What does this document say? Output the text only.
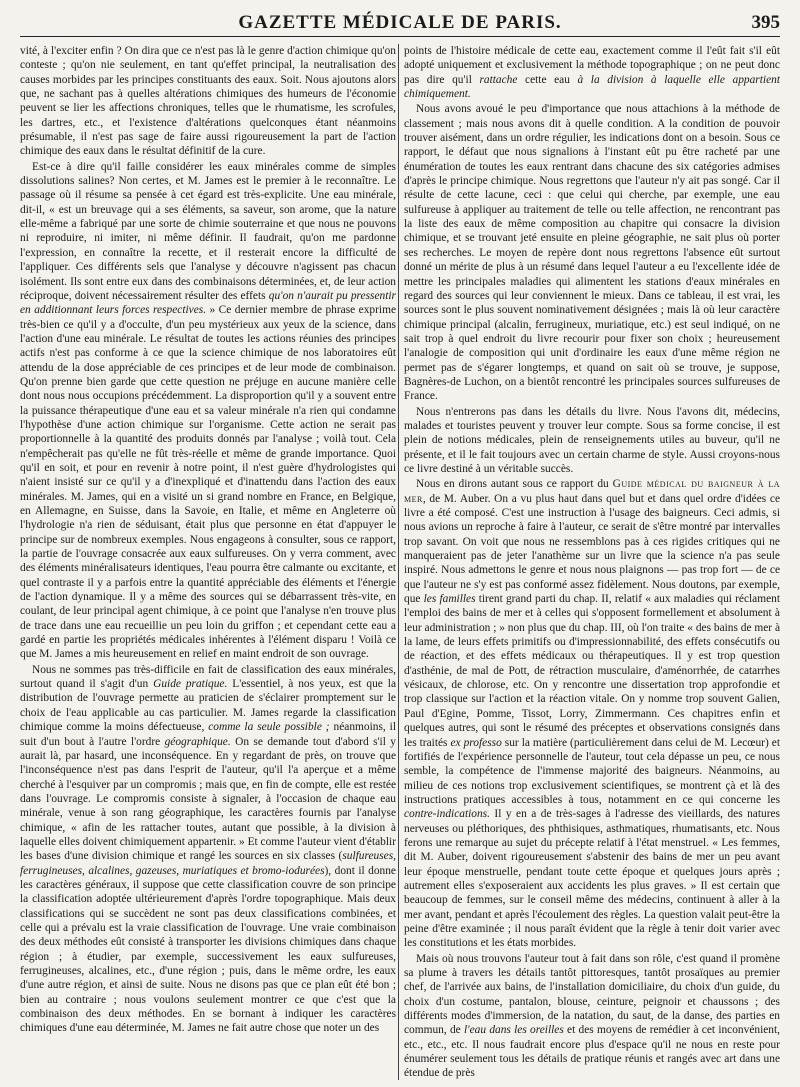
GAZETTE MÉDICALE DE PARIS.	395

vité, à l'exciter enfin ? On dira que ce n'est pas là le genre d'action chimique qu'on conteste ; qu'on nie seulement, en tant qu'effet principal, la neutralisation des causes morbides par les principes constituants des eaux. Soit. Nous ajoutons alors que, ne sachant pas à quelles altérations chimiques des humeurs de l'économie peuvent se lier les affections chroniques, telles que le rhumatisme, les scrofules, les dartres, etc., et l'existence d'altérations quelconques étant néanmoins présumable, il n'est pas sage de faire aussi rigoureusement la part de l'action chimique des eaux dans le résultat définitif de la cure.

Est-ce à dire qu'il faille considérer les eaux minérales comme de simples dissolutions salines? Non certes, et M. James est le premier à le reconnaître. Le passage où il résume sa pensée à cet égard est très-explicite. Une eau minérale, dit-il, « est un breuvage qui a ses éléments, sa saveur, son arome, que la nature elle-même a fabriqué par une sorte de chimie souterraine et que nous ne pouvons ni reproduire, ni imiter, ni même définir. Il faudrait, qu'on me pardonne l'expression, en connaître la recette, et il resterait encore la difficulté de l'appliquer. Ces différents sels que l'analyse y découvre n'agissent pas chacun isolément. Ils sont entre eux dans des combinaisons déterminées, et, de leur action réciproque, doivent nécessairement résulter des effets qu'on n'aurait pu pressentir en additionnant leurs forces respectives. » Ce dernier membre de phrase exprime très-bien ce qu'il y a d'occulte, d'un peu mystérieux aux yeux de la science, dans l'action d'une eau minérale. Le résultat de toutes les actions réunies des principes actifs n'est pas conforme à ce que la science chimique de nos laboratoires eût attendu de la dose appréciable de ces principes et de leur mode de combinaison. Qu'on prenne bien garde que cette question ne préjuge en aucune manière celle dont nous nous occupions précédemment. La disproportion qu'il y a souvent entre la puissance thérapeutique d'une eau et sa valeur minérale n'a rien qui condamne l'hypothèse d'une action chimique sur l'organisme. Cette action ne serait pas proportionnelle à la quantité des produits donnés par l'analyse ; voilà tout. Cela n'empêcherait pas qu'elle ne fût très-réelle et même de grande importance. Quoi qu'il en soit, et pour en revenir à notre point, il n'est guère d'hydrologistes qui n'aient insisté sur ce qu'il y a d'inexpliqué et d'inattendu dans l'action des eaux minérales. M. James, qui en a visité un si grand nombre en France, en Belgique, en Allemagne, en Suisse, dans la Savoie, en Italie, et même en Angleterre où l'hydrologie n'a rien de séduisant, était plus que personne en état d'appuyer le principe sur de nombreux exemples. Nous engageons à consulter, sous ce rapport, la partie de l'ouvrage consacrée aux eaux sulfureuses. On y verra comment, avec des éléments minéralisateurs identiques, l'eau pourra être calmante ou excitante, et quel contraste il y a parfois entre la quantité appréciable des éléments et l'énergie de l'action dynamique. Il y a même des sources qui se débarrassent très-vite, en coulant, de leur principal agent chimique, à ce point que l'analyse n'en trouve plus de trace dans une eau recueillie un peu loin du griffon ; et cependant cette eau a gardé en partie les propriétés médicales inhérentes à l'élément disparu ! Voilà ce que M. James a mis heureusement en relief en maint endroit de son ouvrage.

Nous ne sommes pas très-difficile en fait de classification des eaux minérales, surtout quand il s'agit d'un Guide pratique. L'essentiel, à nos yeux, est que la distribution de l'ouvrage permette au praticien de s'éclairer promptement sur le choix de l'eau applicable au cas particulier. M. James regarde la classification chimique comme la moins défectueuse, comme la seule possible ; néanmoins, il suit d'un bout à l'autre l'ordre géographique. On se demande tout d'abord s'il y aurait là, par hasard, une inconséquence. En y regardant de près, on trouve que l'inconséquence n'est pas dans l'esprit de l'auteur, qu'il l'a aperçue et a même cherché à l'esquiver par un compromis ; mais que, en fin de compte, elle est restée dans l'ouvrage. Le compromis consiste à signaler, à l'occasion de chaque eau minérale, venue à son rang géographique, les caractères fournis par l'analyse chimique, « afin de les rattacher toutes, autant que possible, à la division à laquelle elles doivent chimiquement appartenir. » Et comme l'auteur vient d'établir les bases d'une division chimique et rangé les sources en six classes (sulfureuses, ferrugineuses, alcalines, gazeuses, muriatiques et bromo-iodurées), dont il donne les caractères généraux, il suppose que cette classification couvre de son principe la classification adoptée ultérieurement d'après l'ordre topographique. Mais deux classifications qui se succèdent ne sont pas deux classifications combinées, et celle qui a prévalu est la vraie classification de l'ouvrage. Une vraie combinaison des deux méthodes eût consisté à transporter les divisions chimiques dans chaque région ; à étudier, par exemple, successivement les eaux sulfureuses, ferrugineuses, alcalines, etc., d'une région ; puis, dans le même ordre, les eaux d'une autre région, et ainsi de suite. Nous ne disons pas que ce plan eût été bon ; bien au contraire ; nous voulons seulement montrer ce que c'est que la combinaison des deux méthodes. En se bornant à indiquer les caractères chimiques d'une eau déterminée, M. James ne fait autre chose que noter un des

points de l'histoire médicale de cette eau, exactement comme il l'eût fait s'il eût adopté uniquement et exclusivement la méthode topographique ; on ne peut donc pas dire qu'il rattache cette eau à la division à laquelle elle appartient chimiquement.

Nous avons avoué le peu d'importance que nous attachions à la méthode de classement ; mais nous avons dit à quelle condition. A la condition de pouvoir trouver aisément, dans un ordre régulier, les indications dont on a besoin. Sous ce rapport, le défaut que nous signalions à l'instant eût pu être racheté par une énumération de toutes les eaux rentrant dans chacune des six catégories admises d'après le principe chimique. Nous regrettons que l'auteur n'y ait pas songé. Car il résulte de cette lacune, ceci : que celui qui cherche, par exemple, une eau sulfureuse à appliquer au traitement de telle ou telle affection, ne rencontrant pas la liste des eaux de même composition au chapitre qui consacre la division chimique, et se trouvant jeté ensuite en pleine géographie, ne sait plus où porter ses recherches. Le moyen de repère dont nous regrettons l'absence eût surtout donné un mérite de plus à un résumé dans lequel l'auteur a eu l'excellente idée de mettre les principales maladies qui alimentent les stations d'eaux minérales en regard des sources qui leur conviennent le mieux. Dans ce tableau, il est vrai, les sources sont le plus souvent nominativement désignées ; mais là où leur caractère chimique principal (alcalin, ferrugineux, muriatique, etc.) est seul indiqué, on ne sait trop à quel endroit du livre recourir pour fixer son choix ; heureusement l'analogie de composition qui unit d'ordinaire les eaux d'une même région ne permet pas de s'égarer longtemps, et quand on sait où se trouve, je suppose, Bagnères-de Luchon, on a bientôt rencontré les principales sources sulfureuses de France.

Nous n'entrerons pas dans les détails du livre. Nous l'avons dit, médecins, malades et touristes peuvent y trouver leur compte. Sous sa forme concise, il est plein de notions médicales, plein de renseignements utiles au buveur, qu'il ne présente, et il le fait toujours avec un certain charme de style. Aussi croyons-nous ce livre destiné à un véritable succès.

Nous en dirons autant sous ce rapport du Guide médical du baigneur à la mer, de M. Auber. On a vu plus haut dans quel but et dans quel ordre d'idées ce livre a été composé. C'est une instruction à l'usage des baigneurs. Ceci admis, si nous avions un reproche à faire à l'auteur, ce serait de s'être montré par intervalles trop savant. On voit que nous ne ressemblons pas à ces rigides critiques qui ne manqueraient pas de jeter l'anathème sur un livre que la science n'a pas seule inspiré. Nous admettons le genre et nous nous plaignons — pas trop fort — de ce que l'auteur ne s'y est pas conformé assez fidèlement. Nous doutons, par exemple, que les familles tirent grand parti du chap. II, relatif « aux maladies qui réclament l'emploi des bains de mer et à celles qui s'opposent formellement et absolument à leur administration ; » non plus que du chap. III, où l'on traite « des bains de mer à la lame, de leurs effets primitifs ou d'impressionnabilité, des effets consécutifs ou de réaction, et des effets médicaux ou thérapeutiques. Il y est trop question d'asthénie, de mal de Pott, de rétraction musculaire, d'aménorrhée, de catarrhes vésicaux, de chlorose, etc. On y rencontre une dissertation trop approfondie et trop classique sur l'action et la réaction vitale. On y nomme trop souvent Galien, Paul d'Egine, Pomme, Tissot, Lorry, Zimmermann. Ces chapitres enfin et quelques autres, qui sont le résumé des préceptes et observations consignés dans les traités ex professo sur la matière (particulièrement dans celui de M. Lecœur) et fortifiés de l'expérience personnelle de l'auteur, tout cela dépasse un peu, ce nous semble, la compétence de l'immense majorité des baigneurs. Néanmoins, au milieu de ces notions trop exclusivement scientifiques, se montrent çà et là des instructions pratiques accessibles à tous, notamment en ce qui concerne les contre-indications. Il y en a de très-sages à l'adresse des vieillards, des natures nerveuses ou pléthoriques, des phthisiques, asthmatiques, rhumatisants, etc. Nous ferons une remarque au sujet du précepte relatif à l'état menstruel. « Les femmes, dit M. Auber, doivent rigoureusement s'abstenir des bains de mer un peu avant leur époque menstruelle, pendant toute cette époque et quelques jours après ; autrement elles s'exposeraient aux accidents les plus graves. » Il est certain que beaucoup de femmes, sur le conseil même des médecins, continuent à aller à la mer avant, pendant et après l'écoulement des règles. La question valait peut-être la peine d'être examinée ; il nous paraît évident que la règle à tenir doit varier avec les constitutions et les états morbides.

Mais où nous trouvons l'auteur tout à fait dans son rôle, c'est quand il promène sa plume à travers les détails tantôt pittoresques, tantôt prosaïques au premier chef, de l'arrivée aux bains, de l'installation domiciliaire, du choix d'un guide, du choix d'un costume, pantalon, blouse, ceinture, peignoir et chaussons ; des différents modes d'immersion, de la natation, du saut, de la danse, des parties en commun, de l'eau dans les oreilles et des moyens de remédier à cet inconvénient, etc., etc., etc. Il nous faudrait encore plus d'espace qu'il ne nous en reste pour énumérer seulement tous les détails de pratique réunis et rangés avec art dans une étendue de près
